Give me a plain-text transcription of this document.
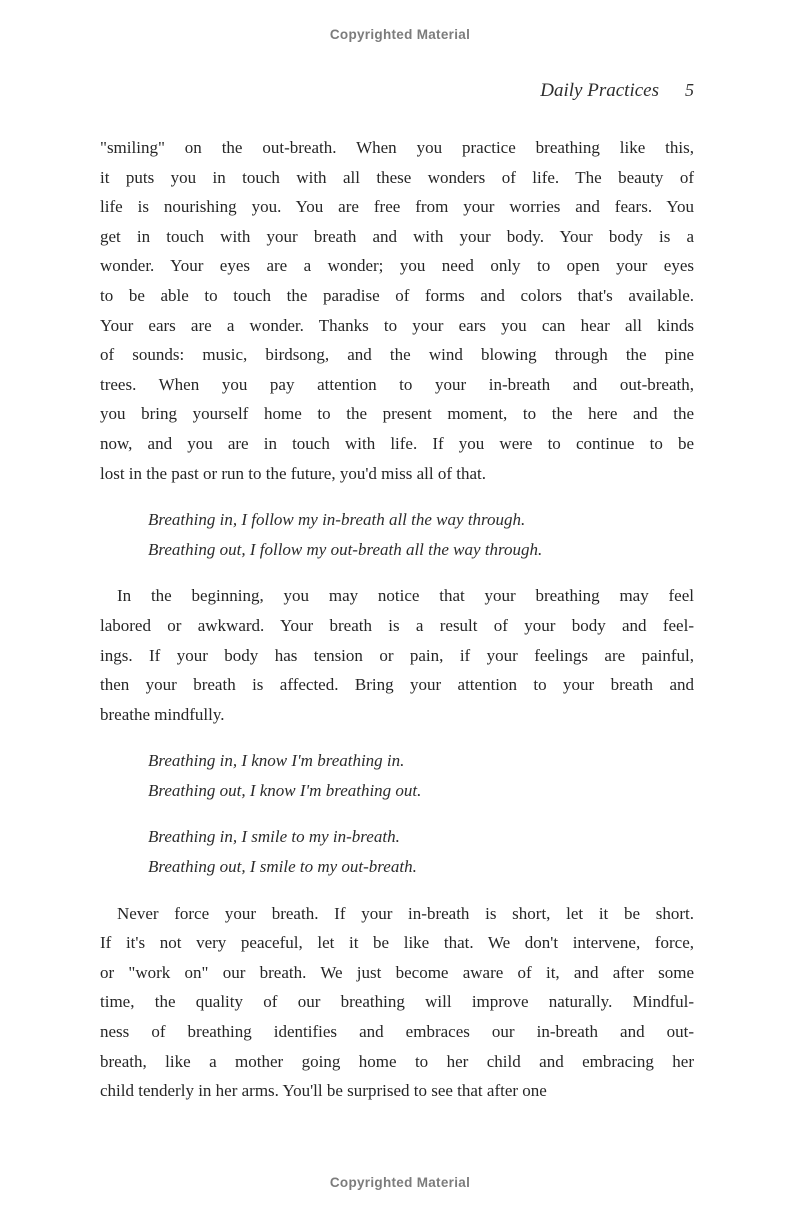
Copyrighted Material
Daily Practices 5
"smiling" on the out-breath. When you practice breathing like this,
it puts you in touch with all these wonders of life. The beauty of
life is nourishing you. You are free from your worries and fears. You
get in touch with your breath and with your body. Your body is a
wonder. Your eyes are a wonder; you need only to open your eyes
to be able to touch the paradise of forms and colors that's available.
Your ears are a wonder. Thanks to your ears you can hear all kinds
of sounds: music, birdsong, and the wind blowing through the pine
trees. When you pay attention to your in-breath and out-breath,
you bring yourself home to the present moment, to the here and the
now, and you are in touch with life. If you were to continue to be
lost in the past or run to the future, you'd miss all of that.
Breathing in, I follow my in-breath all the way through.
Breathing out, I follow my out-breath all the way through.
In the beginning, you may notice that your breathing may feel
labored or awkward. Your breath is a result of your body and feel-
ings. If your body has tension or pain, if your feelings are painful,
then your breath is affected. Bring your attention to your breath and
breathe mindfully.
Breathing in, I know I'm breathing in.
Breathing out, I know I'm breathing out.
Breathing in, I smile to my in-breath.
Breathing out, I smile to my out-breath.
Never force your breath. If your in-breath is short, let it be short.
If it's not very peaceful, let it be like that. We don't intervene, force,
or "work on" our breath. We just become aware of it, and after some
time, the quality of our breathing will improve naturally. Mindful-
ness of breathing identifies and embraces our in-breath and out-
breath, like a mother going home to her child and embracing her
child tenderly in her arms. You'll be surprised to see that after one
Copyrighted Material
